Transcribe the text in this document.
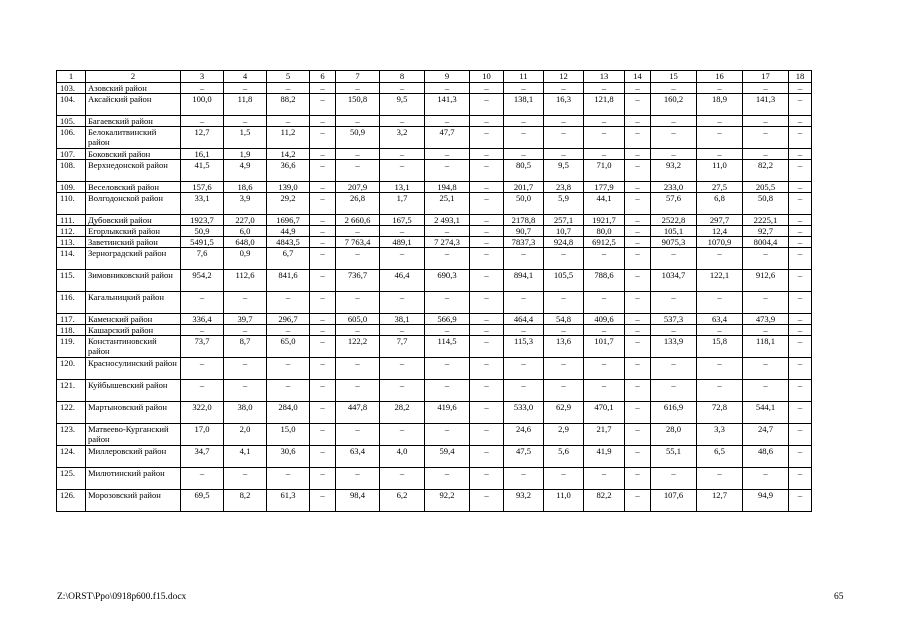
1	2	3	4	5	6	7	8	9	10	11	12	13	14	15	16	17	18
103.	Азовский район	–	–	–	–	–	–	–	–	–	–	–	–	–	–	–	–
104.	Аксайский район	100,0	11,8	88,2	–	150,8	9,5	141,3	–	138,1	16,3	121,8	–	160,2	18,9	141,3	–
105.	Багаевский район	–	–	–	–	–	–	–	–	–	–	–	–	–	–	–	–
106.	Белокалитвинский район	12,7	1,5	11,2	–	50,9	3,2	47,7	–	–	–	–	–	–	–	–	–
107.	Боковский район	16,1	1,9	14,2	–	–	–	–	–	–	–	–	–	–	–	–	–
108.	Верхнедонской район	41,5	4,9	36,6	–	–	–	–	–	80,5	9,5	71,0	–	93,2	11,0	82,2	–
109.	Веселовский район	157,6	18,6	139,0	–	207,9	13,1	194,8	–	201,7	23,8	177,9	–	233,0	27,5	205,5	–
110.	Волгодонской район	33,1	3,9	29,2	–	26,8	1,7	25,1	–	50,0	5,9	44,1	–	57,6	6,8	50,8	–
111.	Дубовский район	1923,7	227,0	1696,7	–	2 660,6	167,5	2 493,1	–	2178,8	257,1	1921,7	–	2522,8	297,7	2225,1	–
112.	Егорлыкский район	50,9	6,0	44,9	–	–	–	–	–	90,7	10,7	80,0	–	105,1	12,4	92,7	–
113.	Заветинский район	5491,5	648,0	4843,5	–	7 763,4	489,1	7 274,3	–	7837,3	924,8	6912,5	–	9075,3	1070,9	8004,4	–
114.	Зерноградский район	7,6	0,9	6,7	–	–	–	–	–	–	–	–	–	–	–	–	–
115.	Зимовниковский район	954,2	112,6	841,6	–	736,7	46,4	690,3	–	894,1	105,5	788,6	–	1034,7	122,1	912,6	–
116.	Кагальницкий район	–	–	–	–	–	–	–	–	–	–	–	–	–	–	–	–
117.	Каменский район	336,4	39,7	296,7	–	605,0	38,1	566,9	–	464,4	54,8	409,6	–	537,3	63,4	473,9	–
118.	Кашарский район	–	–	–	–	–	–	–	–	–	–	–	–	–	–	–	–
119.	Константиновский район	73,7	8,7	65,0	–	122,2	7,7	114,5	–	115,3	13,6	101,7	–	133,9	15,8	118,1	–
120.	Красносулинский район	–	–	–	–	–	–	–	–	–	–	–	–	–	–	–	–
121.	Куйбышевский район	–	–	–	–	–	–	–	–	–	–	–	–	–	–	–	–
122.	Мартыновский район	322,0	38,0	284,0	–	447,8	28,2	419,6	–	533,0	62,9	470,1	–	616,9	72,8	544,1	–
123.	Матвеево-Курганский район	17,0	2,0	15,0	–	–	–	–	–	24,6	2,9	21,7	–	28,0	3,3	24,7	–
124.	Миллеровский район	34,7	4,1	30,6	–	63,4	4,0	59,4	–	47,5	5,6	41,9	–	55,1	6,5	48,6	–
125.	Милютинский район	–	–	–	–	–	–	–	–	–	–	–	–	–	–	–	–
126.	Морозовский район	69,5	8,2	61,3	–	98,4	6,2	92,2	–	93,2	11,0	82,2	–	107,6	12,7	94,9	–
Z:\ORST\Ppo\0918p600.f15.docx	65
